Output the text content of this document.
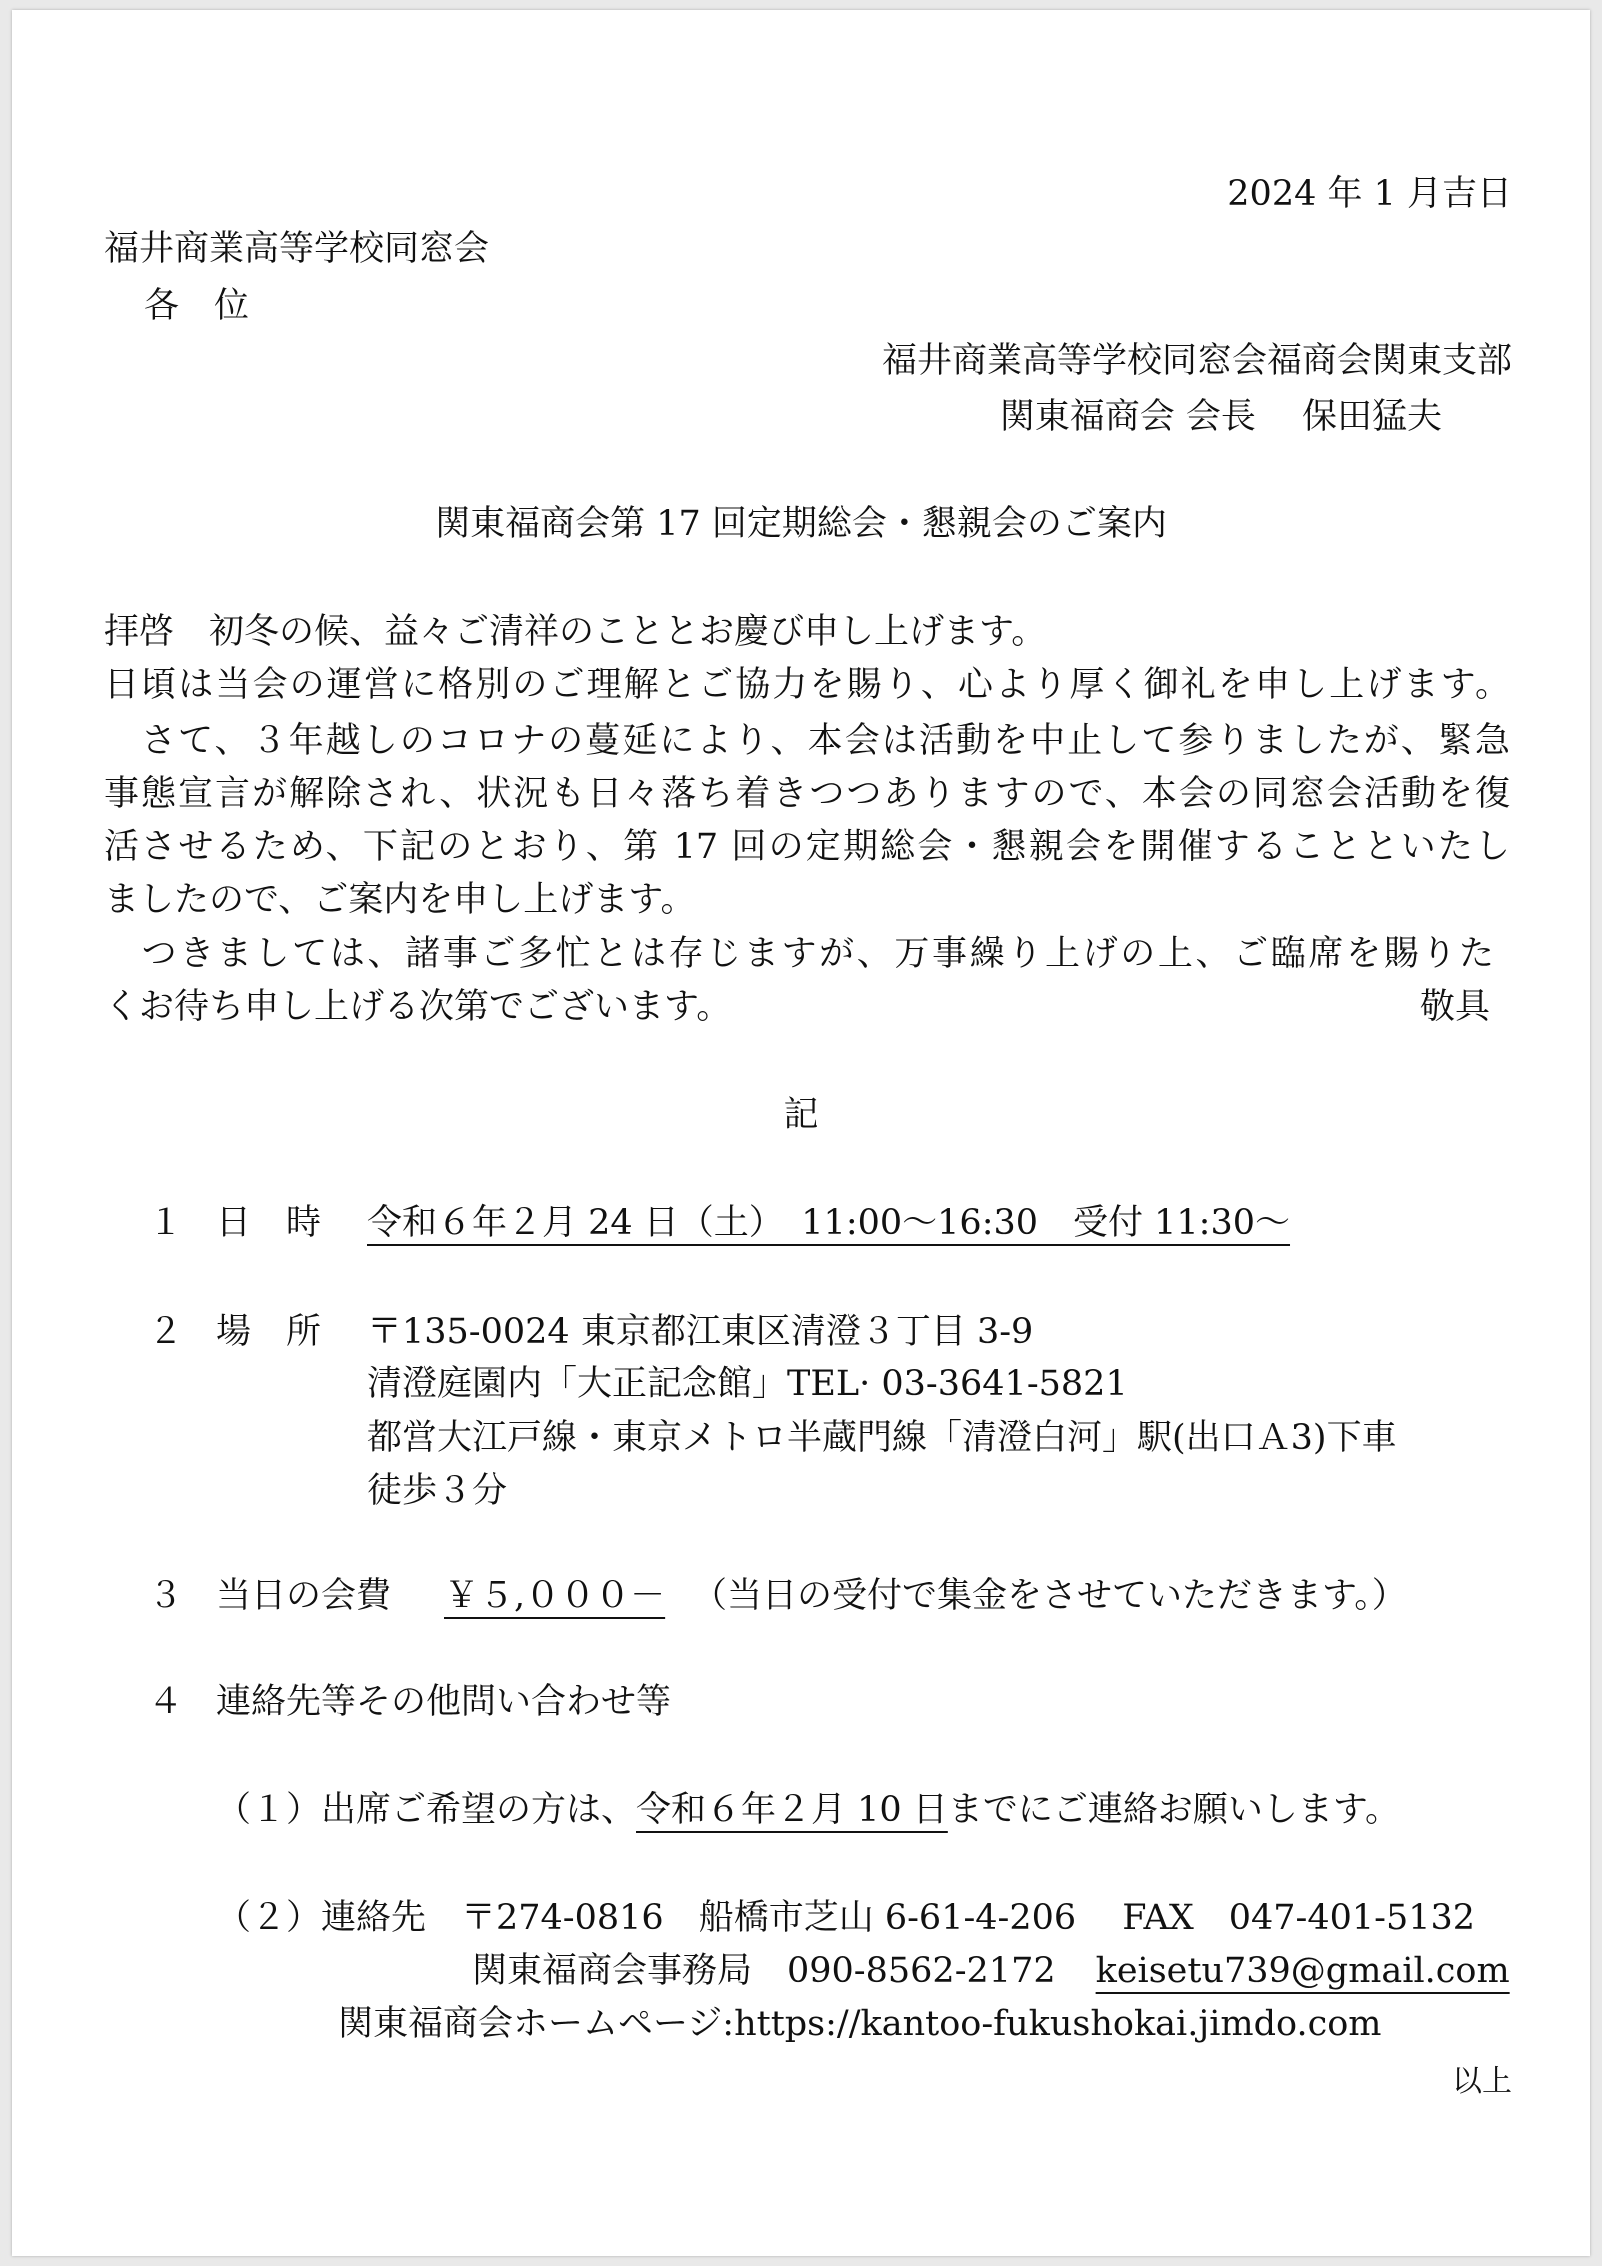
2024 年 1 月吉日
福井商業高等学校同窓会
各　位
福井商業高等学校同窓会福商会関東支部
関東福商会 会長　 保田猛夫
関東福商会第 17 回定期総会・懇親会のご案内
拝啓　初冬の候、益々ご清祥のこととお慶び申し上げます。
日頃は当会の運営に格別のご理解とご協力を賜り、心より厚く御礼を申し上げます。
　さて、３年越しのコロナの蔓延により、本会は活動を中止して参りましたが、緊急
事態宣言が解除され、状況も日々落ち着きつつありますので、本会の同窓会活動を復
活させるため、下記のとおり、第 17 回の定期総会・懇親会を開催することといたし
ましたので、ご案内を申し上げます。
　つきましては、諸事ご多忙とは存じますが、万事繰り上げの上、ご臨席を賜りた
くお待ち申し上げる次第でございます。	敬具
記
１ 日　時 令和６年２月 24 日（土）　11:00～16:30　受付 11:30～
２ 場　所 〒135-0024 東京都江東区清澄３丁目 3-9
清澄庭園内「大正記念館」TEL· 03-3641-5821
都営大江戸線・東京メトロ半蔵門線「清澄白河」駅(出口Ａ3)下車
徒歩３分
３ 当日の会費 ￥５,０００－ （当日の受付で集金をさせていただきます。）
４ 連絡先等その他問い合わせ等
（１）出席ご希望の方は、令和６年２月 10 日までにご連絡お願いします。
（２）連絡先　〒274-0816　船橋市芝山 6-61-4-206　 FAX　047-401-5132
関東福商会事務局　090-8562-2172 keisetu739@gmail.com
関東福商会ホームページ:https://kantoo-fukushokai.jimdo.com
以上
